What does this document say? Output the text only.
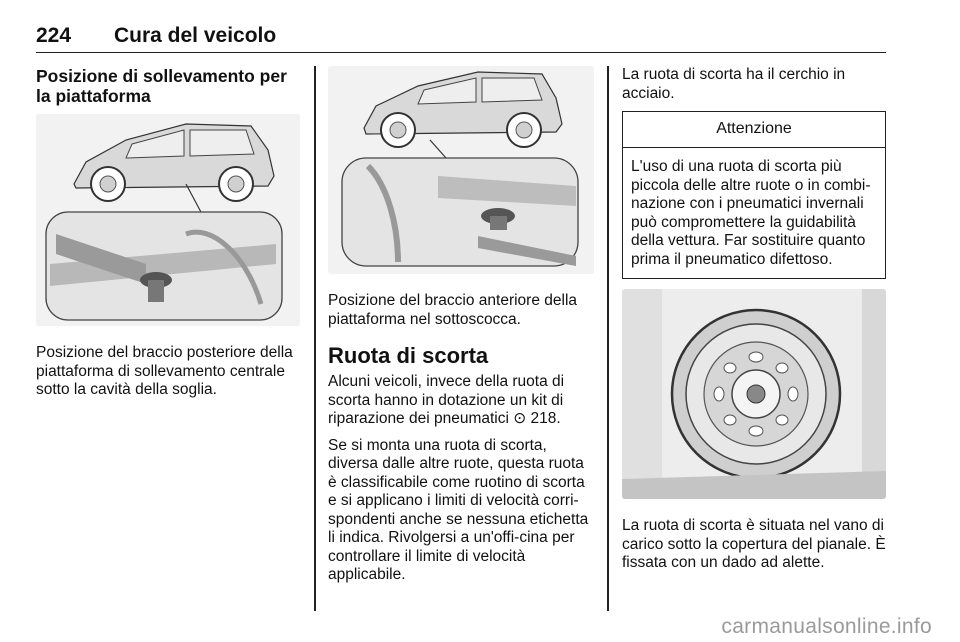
224 Cura del veicolo
Posizione di sollevamento per la piattaforma

Posizione del braccio posteriore della piattaforma di sollevamento centrale sotto la cavità della soglia.

Posizione del braccio anteriore della piattaforma nel sottoscocca.

Ruota di scorta

Alcuni veicoli, invece della ruota di scorta hanno in dotazione un kit di riparazione dei pneumatici ⊙ 218.

Se si monta una ruota di scorta, diversa dalle altre ruote, questa ruota è classificabile come ruotino di scorta e si applicano i limiti di velocità corri-spondenti anche se nessuna etichetta li indica. Rivolgersi a un'offi-cina per controllare il limite di velocità applicabile.

La ruota di scorta ha il cerchio in acciaio.

Attenzione
L'uso di una ruota di scorta più piccola delle altre ruote o in combi-nazione con i pneumatici invernali può compromettere la guidabilità della vettura. Far sostituire quanto prima il pneumatico difettoso.

La ruota di scorta è situata nel vano di carico sotto la copertura del pianale. È fissata con un dado ad alette.

carmanualsonline.info
